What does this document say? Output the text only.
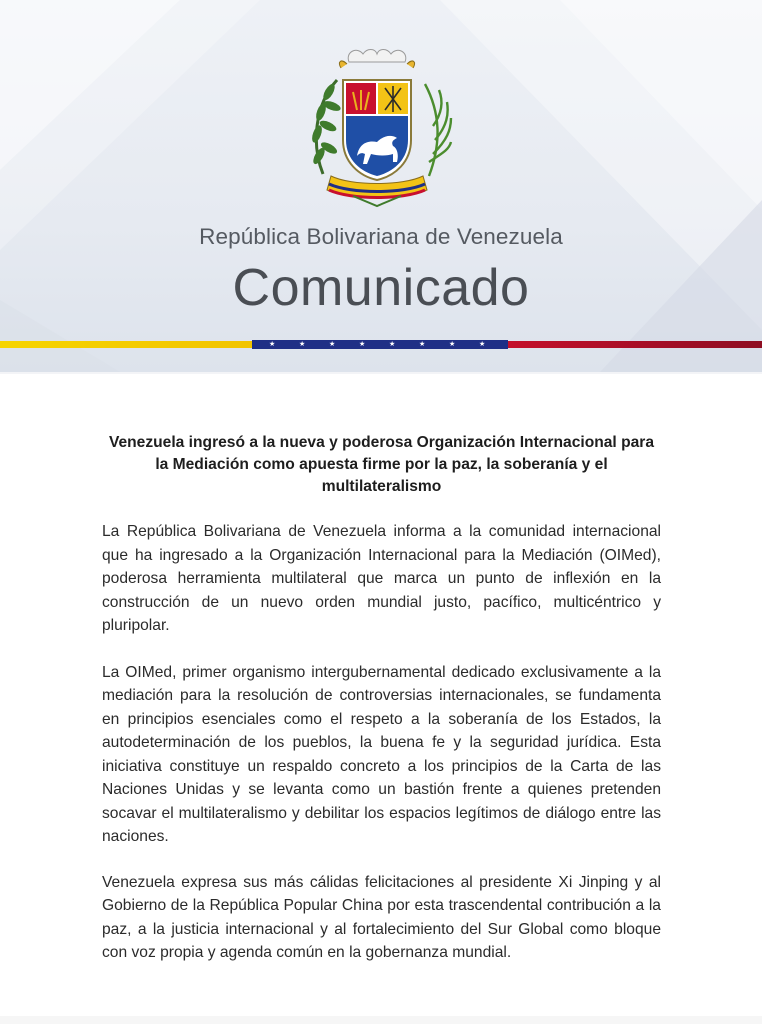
República Bolivariana de Venezuela
Comunicado
★	★	★	★	★	★	★	★

Venezuela ingresó a la nueva y poderosa Organización Internacional para la Mediación como apuesta firme por la paz, la soberanía y el multilateralismo

La República Bolivariana de Venezuela informa a la comunidad internacional que ha ingresado a la Organización Internacional para la Mediación (OIMed), poderosa herramienta multilateral que marca un punto de inflexión en la construcción de un nuevo orden mundial justo, pacífico, multicéntrico y pluripolar.

La OIMed, primer organismo intergubernamental dedicado exclusivamente a la mediación para la resolución de controversias internacionales, se fundamenta en principios esenciales como el respeto a la soberanía de los Estados, la autodeterminación de los pueblos, la buena fe y la seguridad jurídica. Esta iniciativa constituye un respaldo concreto a los principios de la Carta de las Naciones Unidas y se levanta como un bastión frente a quienes pretenden socavar el multilateralismo y debilitar los espacios legítimos de diálogo entre las naciones.

Venezuela expresa sus más cálidas felicitaciones al presidente Xi Jinping y al Gobierno de la República Popular China por esta trascendental contribución a la paz, a la justicia internacional y al fortalecimiento del Sur Global como bloque con voz propia y agenda común en la gobernanza mundial.
